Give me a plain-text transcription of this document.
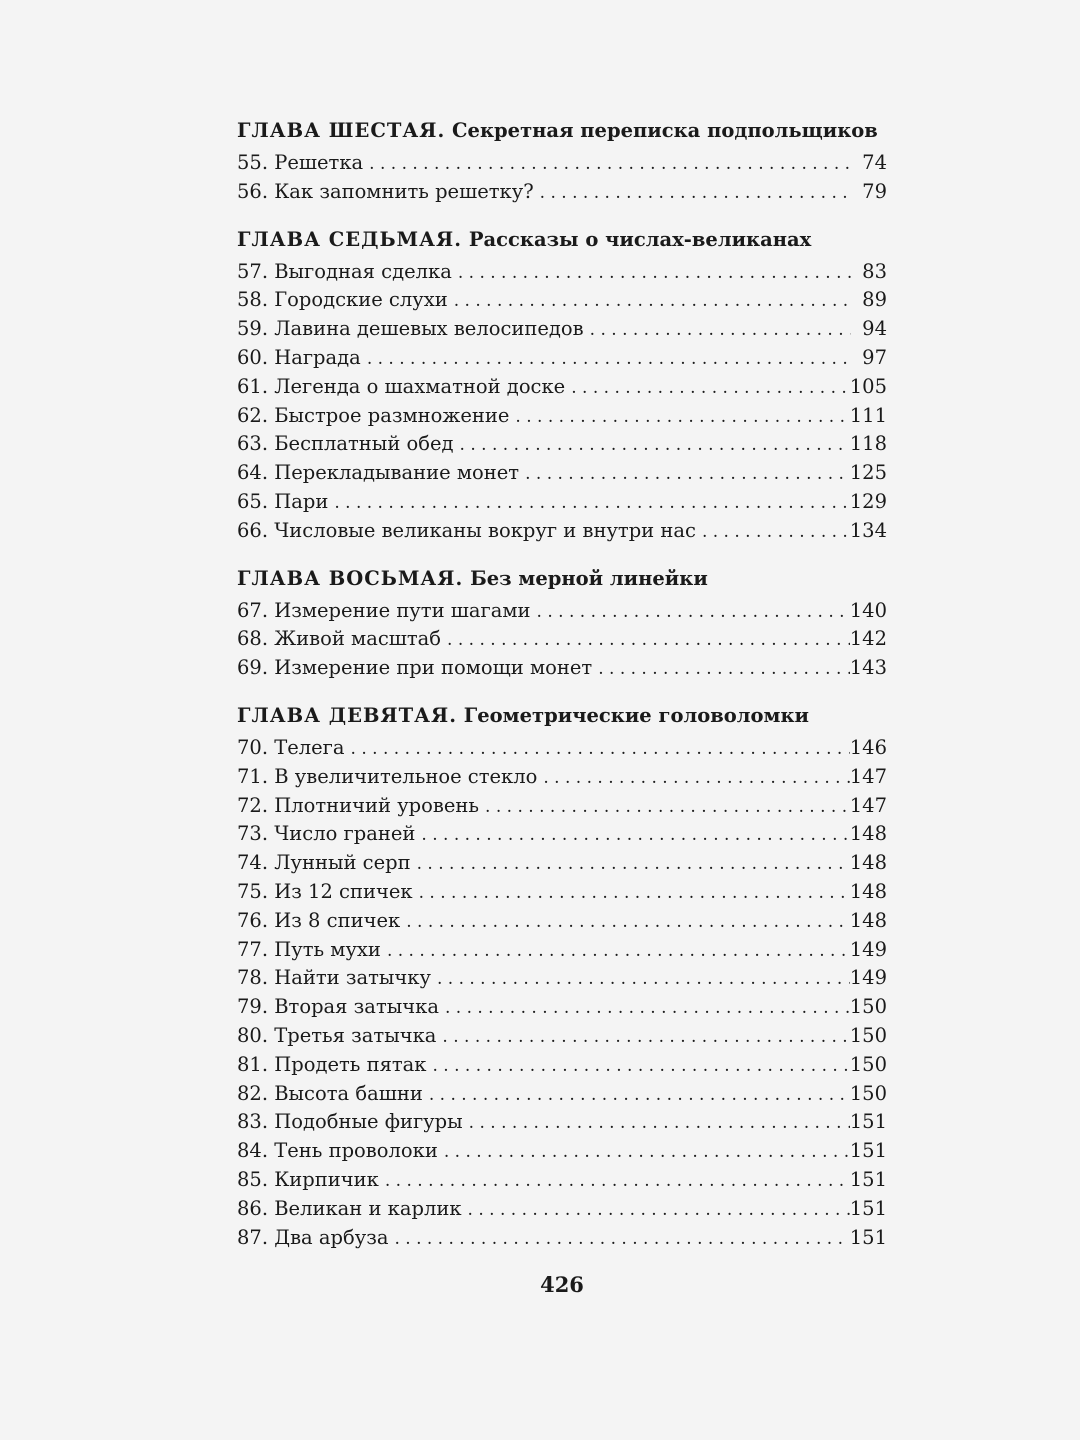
ГЛАВА ШЕСТАЯ. Секретная переписка подпольщиков
55. Решетка . . .	74
56. Как запомнить решетку? . . .	79
ГЛАВА СЕДЬМАЯ. Рассказы о числах-великанах
57. Выгодная сделка . . .	83
58. Городские слухи . . .	89
59. Лавина дешевых велосипедов . . .	94
60. Награда . . .	97
61. Легенда о шахматной доске . . .	105
62. Быстрое размножение . . .	111
63. Бесплатный обед . . .	118
64. Перекладывание монет . . .	125
65. Пари . . .	129
66. Числовые великаны вокруг и внутри нас . . .	134
ГЛАВА ВОСЬМАЯ. Без мерной линейки
67. Измерение пути шагами . . .	140
68. Живой масштаб . . .	142
69. Измерение при помощи монет . . .	143
ГЛАВА ДЕВЯТАЯ. Геометрические головоломки
70. Телега . . .	146
71. В увеличительное стекло . . .	147
72. Плотничий уровень . . .	147
73. Число граней . . .	148
74. Лунный серп . . .	148
75. Из 12 спичек . . .	148
76. Из 8 спичек . . .	148
77. Путь мухи . . .	149
78. Найти затычку . . .	149
79. Вторая затычка . . .	150
80. Третья затычка . . .	150
81. Продеть пятак . . .	150
82. Высота башни . . .	150
83. Подобные фигуры . . .	151
84. Тень проволоки . . .	151
85. Кирпичик . . .	151
86. Великан и карлик . . .	151
87. Два арбуза . . .	151
426
